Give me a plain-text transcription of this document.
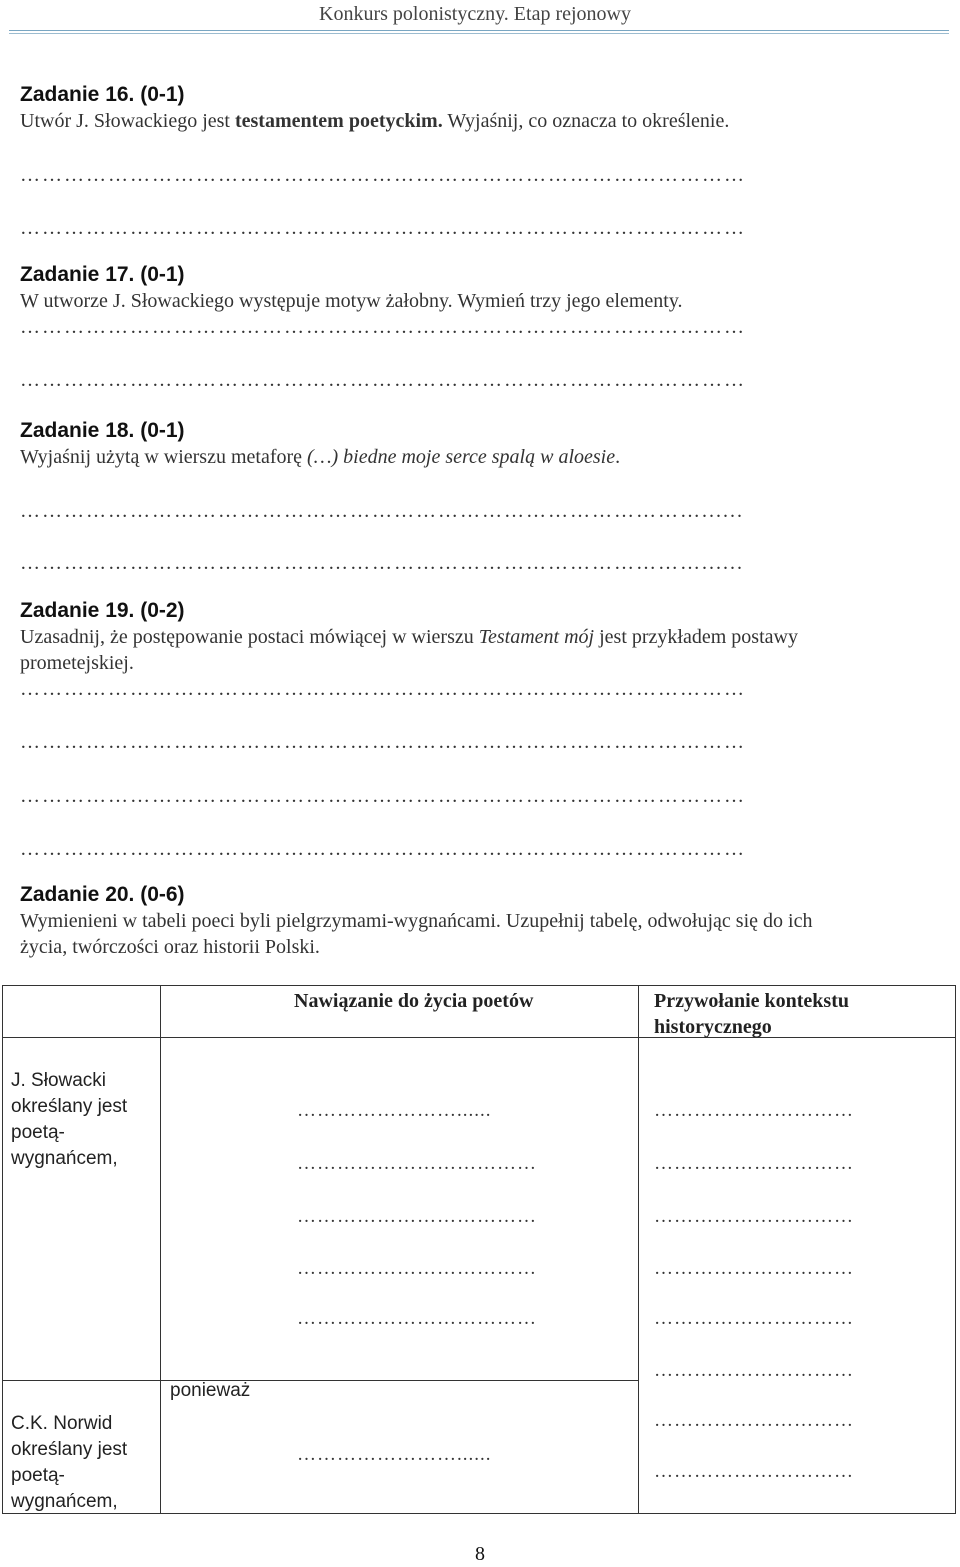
Konkurs polonistyczny. Etap rejonowy
Zadanie 16. (0-1)
Utwór J. Słowackiego jest testamentem poetyckim. Wyjaśnij, co oznacza to określenie.
………………………………………………………………………………………
………………………………………………………………………………………
Zadanie 17. (0-1)
W utworze J. Słowackiego występuje motyw żałobny. Wymień trzy jego elementy.
………………………………………………………………………………………
………………………………………………………………………………………
Zadanie 18. (0-1)
Wyjaśnij użytą w wierszu metaforę (…) biedne moje serce spalą w aloesie.
…………………………………………………………………………………......
…………………………………………………………………………………......
Zadanie 19. (0-2)
Uzasadnij, że postępowanie postaci mówiącej w wierszu Testament mój jest przykładem postawy
prometejskiej.
………………………………………………………………………………………
………………………………………………………………………………………
………………………………………………………………………………………
………………………………………………………………………………………
Zadanie 20. (0-6)
Wymienieni w tabeli poeci byli pielgrzymami-wygnańcami. Uzupełnij tabelę, odwołując się do ich
życia, twórczości oraz historii Polski.
Nawiązanie do życia poetów	Przywołanie kontekstu
historycznego
J. Słowacki
określany jest
poetą-
wygnańcem,
C.K. Norwid
określany jest
poetą-
wygnańcem,
ponieważ
……………………......
………………………………
………………………………
………………………………
………………………………
……………………......
…………………………
…………………………
…………………………
…………………………
…………………………
…………………………
…………………………
…………………………
8
